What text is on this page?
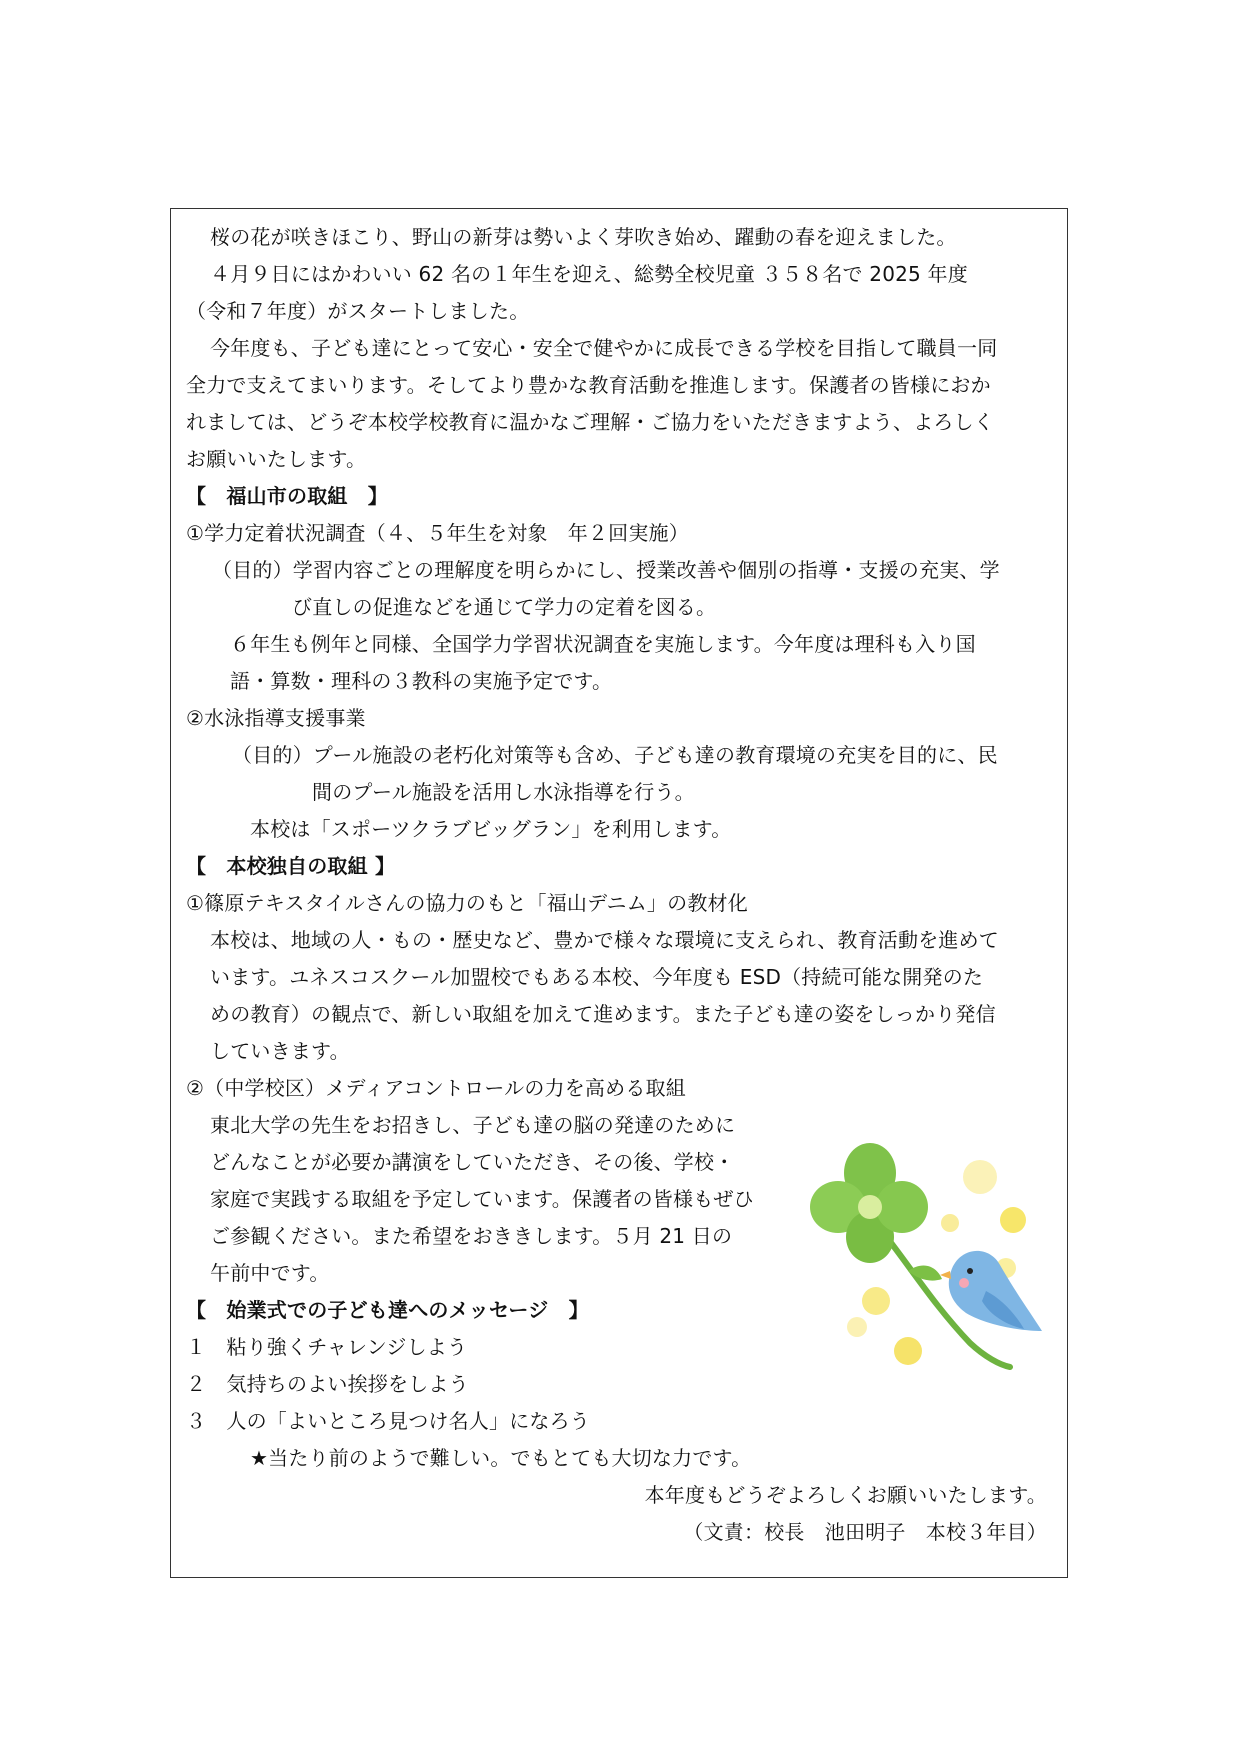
桜の花が咲きほこり、野山の新芽は勢いよく芽吹き始め、躍動の春を迎えました。
４月９日にはかわいい 62 名の１年生を迎え、総勢全校児童 ３５８名で 2025 年度
（令和７年度）がスタートしました。
今年度も、子ども達にとって安心・安全で健やかに成長できる学校を目指して職員一同
全力で支えてまいります。そしてより豊かな教育活動を推進します。保護者の皆様におか
れましては、どうぞ本校学校教育に温かなご理解・ご協力をいただきますよう、よろしく
お願いいたします。
【　福山市の取組　】
①学力定着状況調査（４、５年生を対象　年２回実施）
（目的）学習内容ごとの理解度を明らかにし、授業改善や個別の指導・支援の充実、学
び直しの促進などを通じて学力の定着を図る。
６年生も例年と同様、全国学力学習状況調査を実施します。今年度は理科も入り国
語・算数・理科の３教科の実施予定です。
②水泳指導支援事業
（目的）プール施設の老朽化対策等も含め、子ども達の教育環境の充実を目的に、民
間のプール施設を活用し水泳指導を行う。
本校は「スポーツクラブビッグラン」を利用します。
【　本校独自の取組 】
①篠原テキスタイルさんの協力のもと「福山デニム」の教材化
本校は、地域の人・もの・歴史など、豊かで様々な環境に支えられ、教育活動を進めて
います。ユネスコスクール加盟校でもある本校、今年度も ESD（持続可能な開発のた
めの教育）の観点で、新しい取組を加えて進めます。また子ども達の姿をしっかり発信
していきます。
②（中学校区）メディアコントロールの力を高める取組
東北大学の先生をお招きし、子ども達の脳の発達のために
どんなことが必要か講演をしていただき、その後、学校・
家庭で実践する取組を予定しています。保護者の皆様もぜひ
ご参観ください。また希望をおききします。５月 21 日の
午前中です。
【　始業式での子ども達へのメッセージ　】
１　粘り強くチャレンジしよう
２　気持ちのよい挨拶をしよう
３　人の「よいところ見つけ名人」になろう
★当たり前のようで難しい。でもとても大切な力です。
本年度もどうぞよろしくお願いいたします。
（文責：校長　池田明子　本校３年目）
